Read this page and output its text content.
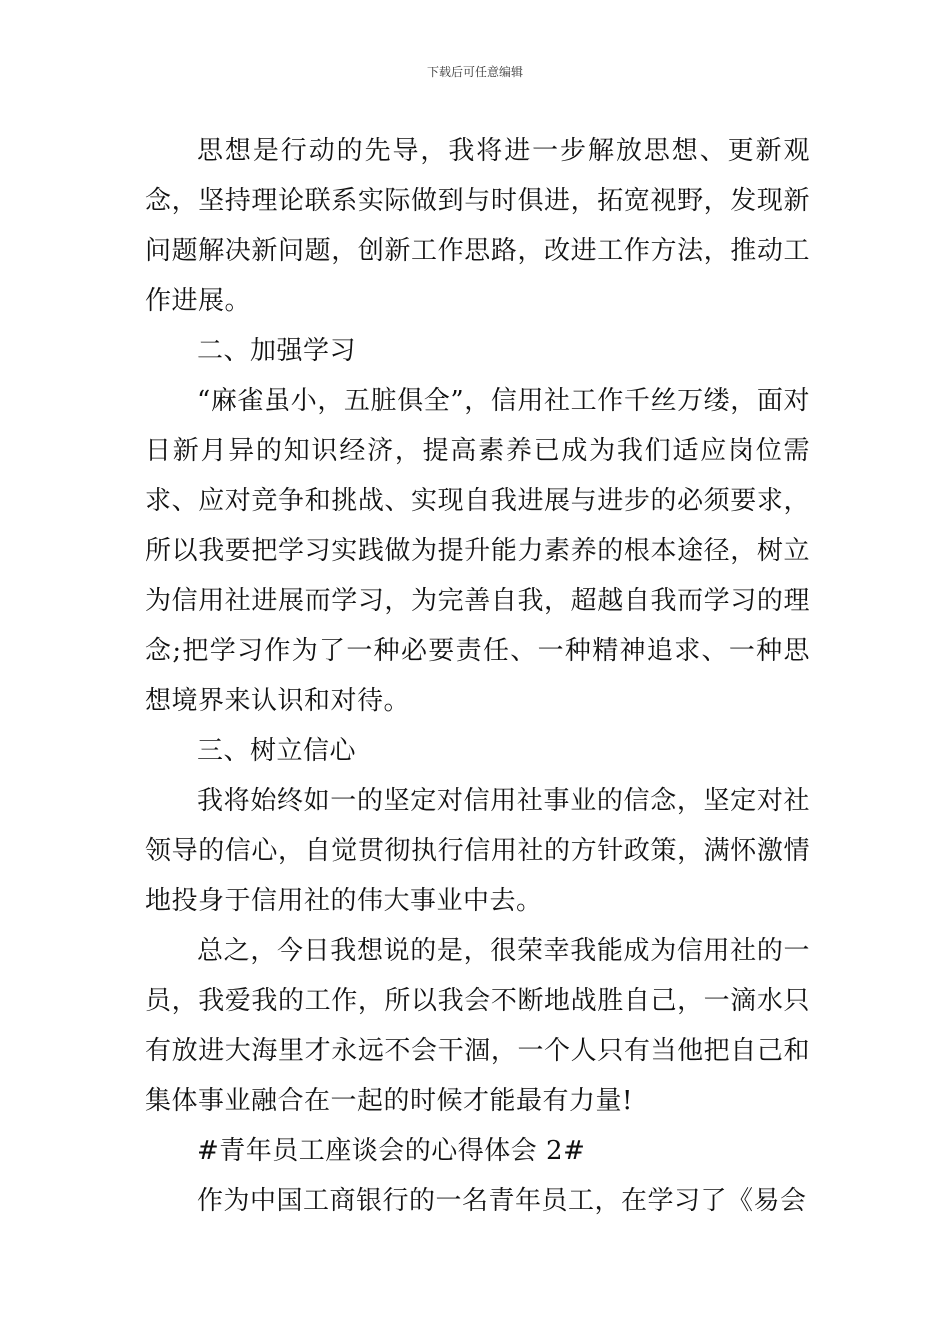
下载后可任意编辑

思想是行动的先导，我将进一步解放思想、更新观念，坚持理论联系实际做到与时俱进，拓宽视野，发现新问题解决新问题，创新工作思路，改进工作方法，推动工作进展。

二、加强学习

“麻雀虽小，五脏俱全”，信用社工作千丝万缕，面对日新月异的知识经济，提高素养已成为我们适应岗位需求、应对竞争和挑战、实现自我进展与进步的必须要求，所以我要把学习实践做为提升能力素养的根本途径，树立为信用社进展而学习，为完善自我，超越自我而学习的理念;把学习作为了一种必要责任、一种精神追求、一种思想境界来认识和对待。

三、树立信心

我将始终如一的坚定对信用社事业的信念，坚定对社领导的信心，自觉贯彻执行信用社的方针政策，满怀激情地投身于信用社的伟大事业中去。

总之，今日我想说的是，很荣幸我能成为信用社的一员，我爱我的工作，所以我会不断地战胜自己，一滴水只有放进大海里才永远不会干涸，一个人只有当他把自己和集体事业融合在一起的时候才能最有力量!

#青年员工座谈会的心得体会 2#

作为中国工商银行的一名青年员工，在学习了《易会
